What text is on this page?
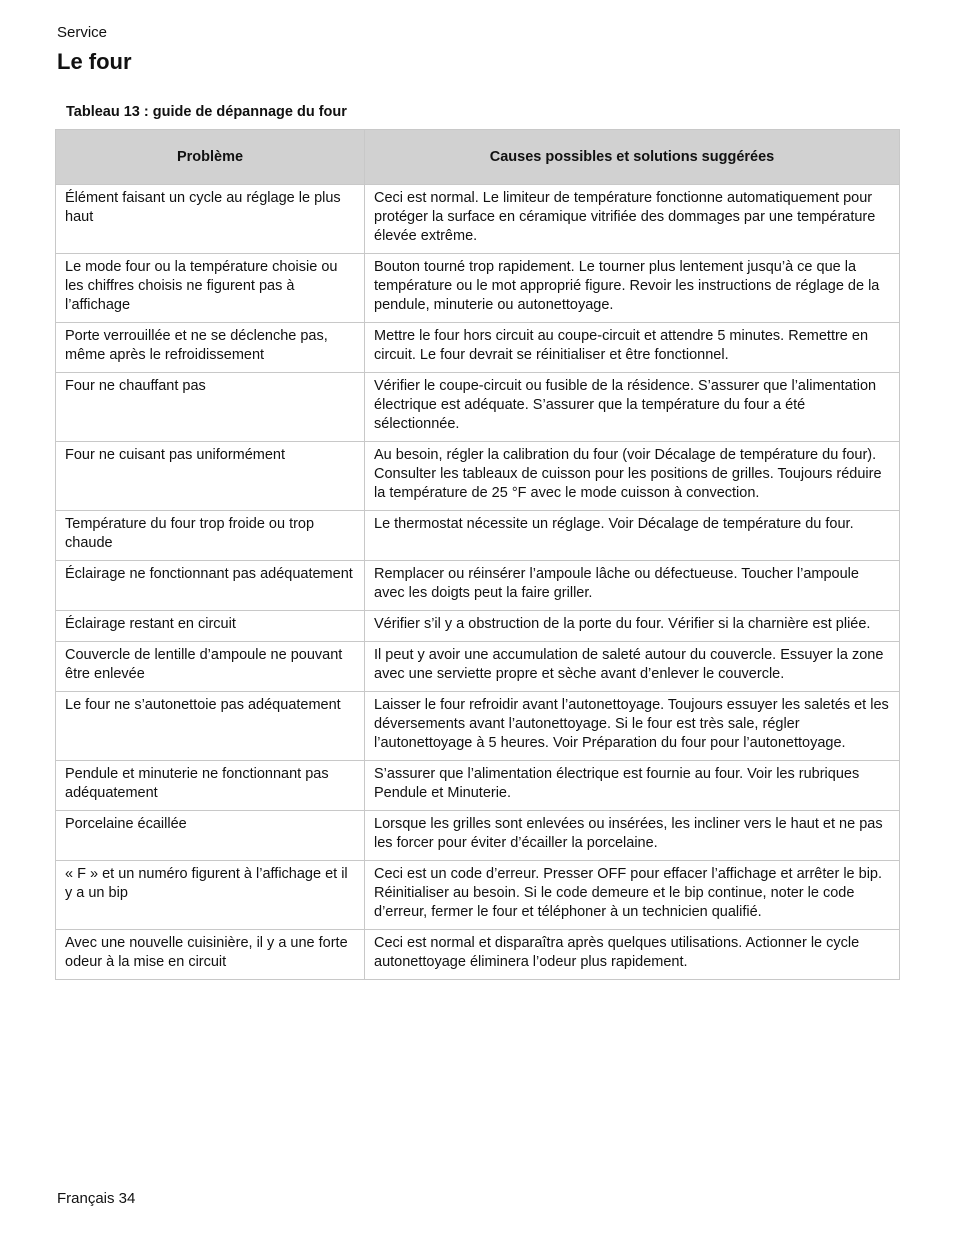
Service
Le four
Tableau 13 : guide de dépannage du four
Problème	Causes possibles et solutions suggérées
Élément faisant un cycle au réglage le plus haut	Ceci est normal. Le limiteur de température fonctionne automatiquement pour protéger la surface en céramique vitrifiée des dommages par une température élevée extrême.
Le mode four ou la température choisie ou les chiffres choisis ne figurent pas à l’affichage	Bouton tourné trop rapidement. Le tourner plus lentement jusqu’à ce que la température ou le mot approprié figure. Revoir les instructions de réglage de la pendule, minuterie ou autonettoyage.
Porte verrouillée et ne se déclenche pas, même après le refroidissement	Mettre le four hors circuit au coupe-circuit et attendre 5 minutes. Remettre en circuit. Le four devrait se réinitialiser et être fonctionnel.
Four ne chauffant pas	Vérifier le coupe-circuit ou fusible de la résidence. S’assurer que l’alimentation électrique est adéquate. S’assurer que la température du four a été sélectionnée.
Four ne cuisant pas uniformément	Au besoin, régler la calibration du four (voir Décalage de température du four). Consulter les tableaux de cuisson pour les positions de grilles. Toujours réduire la température de 25 °F avec le mode cuisson à convection.
Température du four trop froide ou trop chaude	Le thermostat nécessite un réglage. Voir Décalage de température du four.
Éclairage ne fonctionnant pas adéquatement	Remplacer ou réinsérer l’ampoule lâche ou défectueuse. Toucher l’ampoule avec les doigts peut la faire griller.
Éclairage restant en circuit	Vérifier s’il y a obstruction de la porte du four. Vérifier si la charnière est pliée.
Couvercle de lentille d’ampoule ne pouvant être enlevée	Il peut y avoir une accumulation de saleté autour du couvercle. Essuyer la zone avec une serviette propre et sèche avant d’enlever le couvercle.
Le four ne s’autonettoie pas adéquatement	Laisser le four refroidir avant l’autonettoyage. Toujours essuyer les saletés et les déversements avant l’autonettoyage. Si le four est très sale, régler l’autonettoyage à 5 heures. Voir Préparation du four pour l’autonettoyage.
Pendule et minuterie ne fonctionnant pas adéquatement	S’assurer que l’alimentation électrique est fournie au four. Voir les rubriques Pendule et Minuterie.
Porcelaine écaillée	Lorsque les grilles sont enlevées ou insérées, les incliner vers le haut et ne pas les forcer pour éviter d’écailler la porcelaine.
« F » et un numéro figurent à l’affichage et il y a un bip	Ceci est un code d’erreur. Presser OFF pour effacer l’affichage et arrêter le bip. Réinitialiser au besoin. Si le code demeure et le bip continue, noter le code d’erreur, fermer le four et téléphoner à un technicien qualifié.
Avec une nouvelle cuisinière, il y a une forte odeur à la mise en circuit	Ceci est normal et disparaîtra après quelques utilisations. Actionner le cycle autonettoyage éliminera l’odeur plus rapidement.
Français 34
